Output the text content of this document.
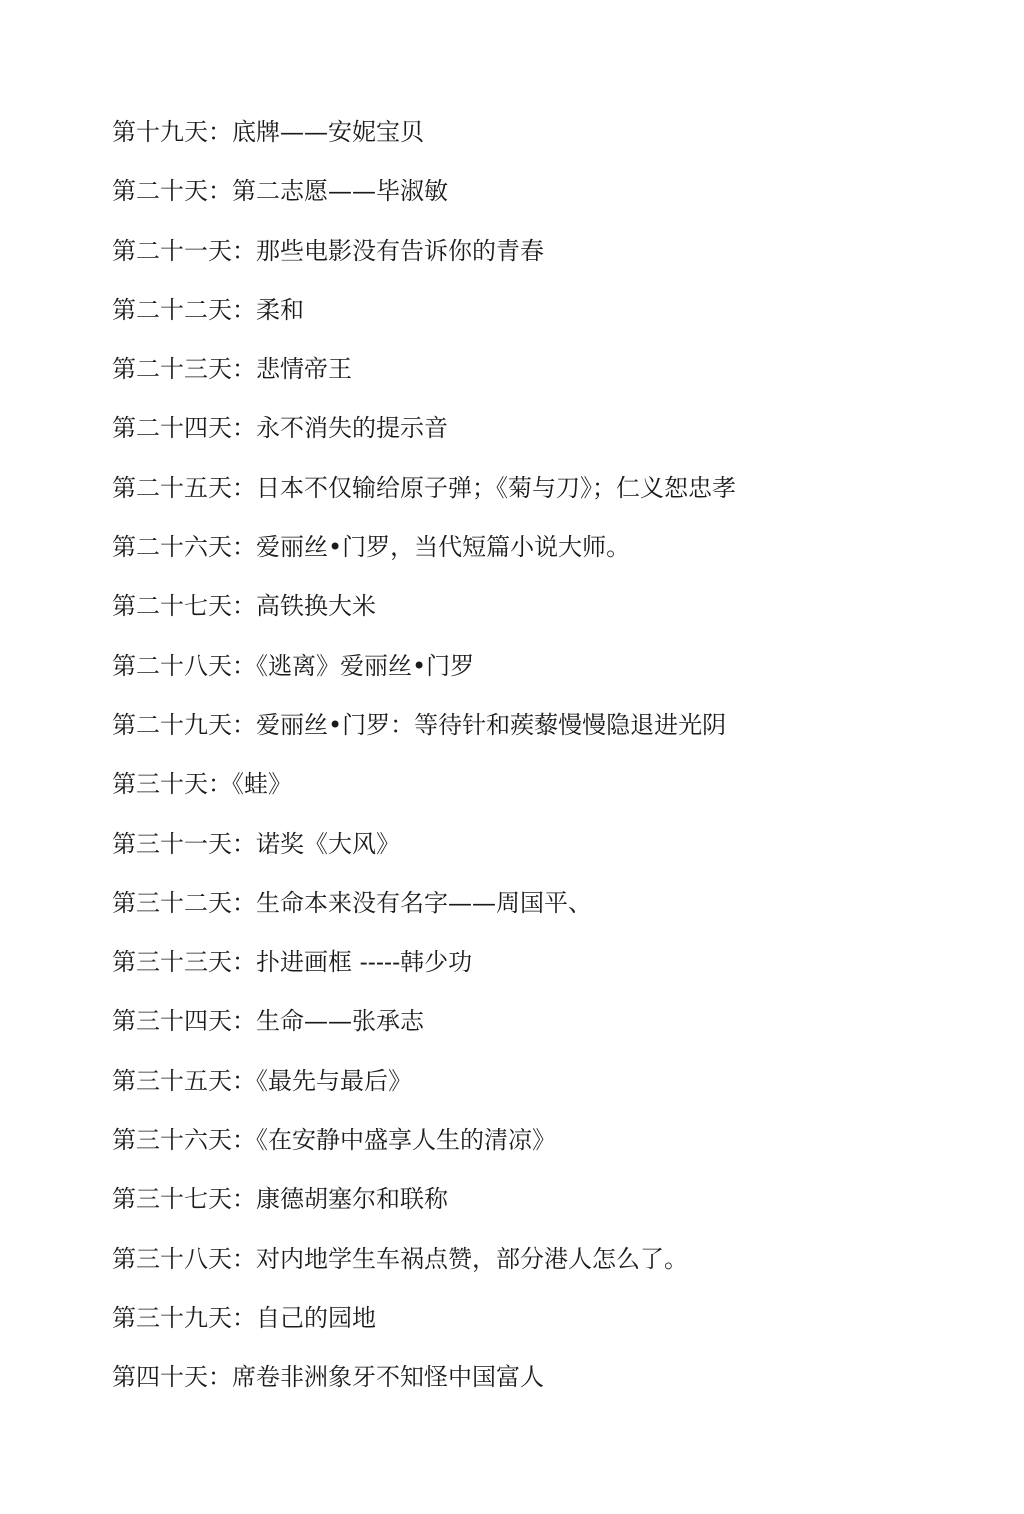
第十九天：底牌——安妮宝贝
第二十天：第二志愿——毕淑敏
第二十一天：那些电影没有告诉你的青春
第二十二天：柔和
第二十三天：悲情帝王
第二十四天：永不消失的提示音
第二十五天：日本不仅输给原子弹；《菊与刀》；仁义恕忠孝
第二十六天：爱丽丝•门罗，当代短篇小说大师。
第二十七天：高铁换大米
第二十八天：《逃离》爱丽丝•门罗
第二十九天：爱丽丝•门罗：等待针和蒺藜慢慢隐退进光阴
第三十天：《蛙》
第三十一天：诺奖《大风》
第三十二天：生命本来没有名字——周国平、
第三十三天：扑进画框 -----韩少功
第三十四天：生命——张承志
第三十五天：《最先与最后》
第三十六天：《在安静中盛享人生的清凉》
第三十七天：康德胡塞尔和联称
第三十八天：对内地学生车祸点赞，部分港人怎么了。
第三十九天：自己的园地
第四十天：席卷非洲象牙不知怪中国富人
